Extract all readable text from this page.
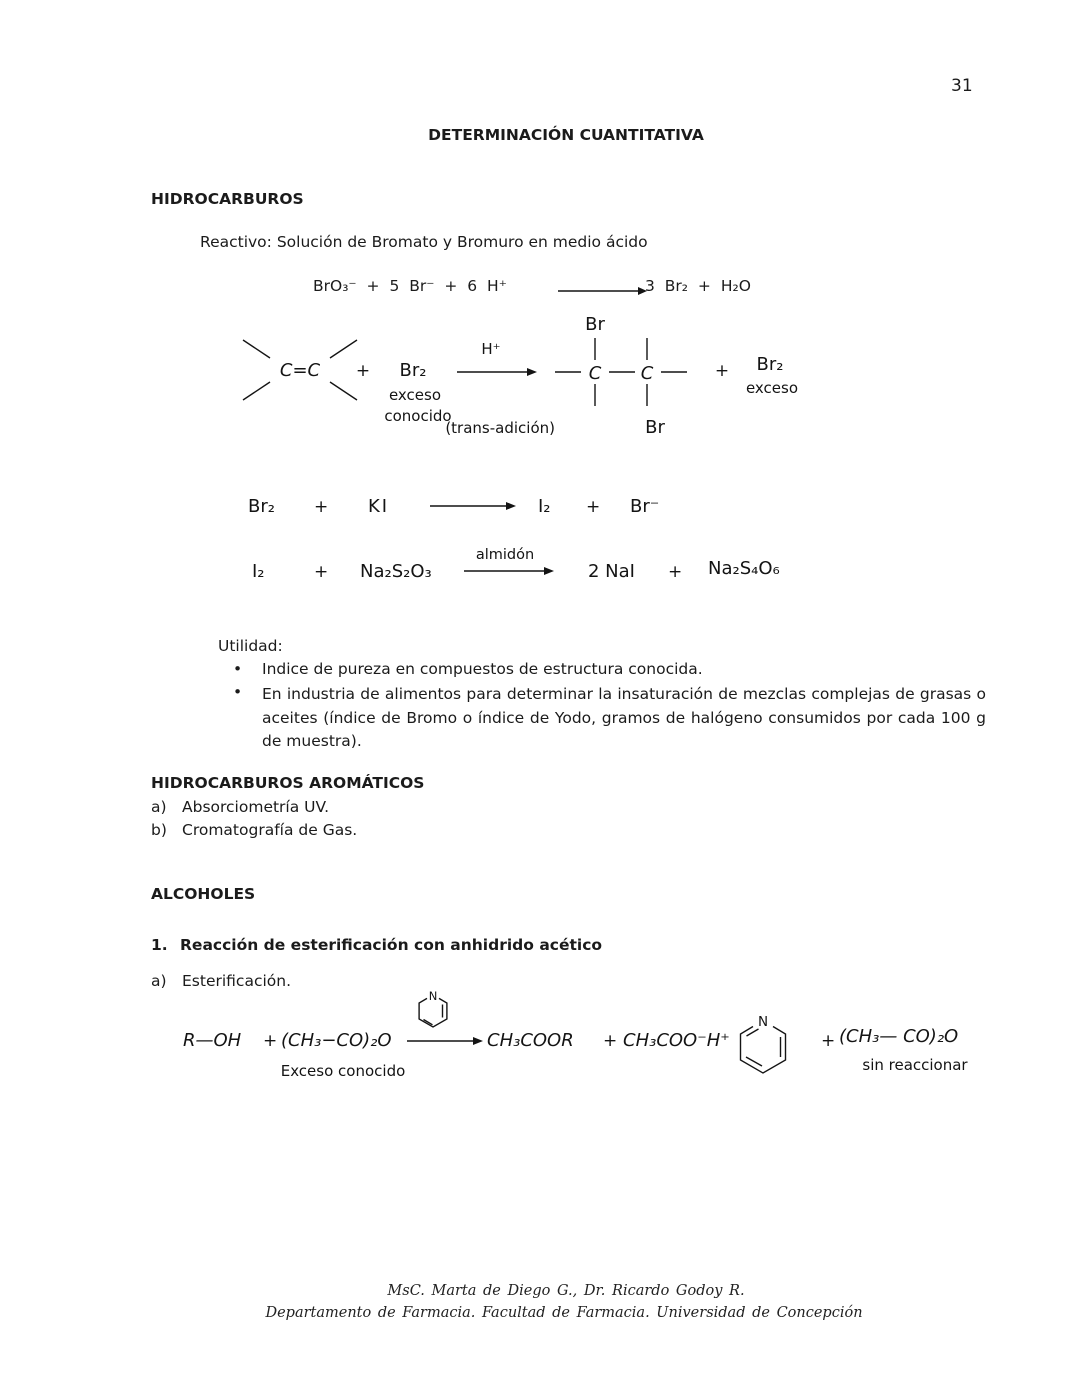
31
DETERMINACIÓN CUANTITATIVA
HIDROCARBUROS
Reactivo: Solución de Bromato y Bromuro en medio ácido
BrO₃⁻ + 5 Br⁻ + 6 H⁺	3 Br₂ + H₂O
C=C + Br₂
exceso
conocido
H⁺
Br
C C
Br
(trans-adición)
+ Br₂
exceso
Br₂ + KI	I₂ + Br⁻
I₂	+ Na₂S₂O₃
almidón
2 NaI + Na₂S₄O₆
Utilidad:
• Indice de pureza en compuestos de estructura conocida.
• En industria de alimentos para determinar la insaturación de mezclas complejas de grasas o aceites (índice de Bromo o índice de Yodo, gramos de halógeno consumidos por cada 100 g de muestra).
HIDROCARBUROS AROMÁTICOS
a) Absorciometría UV.
b) Cromatografía de Gas.
ALCOHOLES
1. Reacción de esterificación con anhidrido acético
a) Esterificación.
R—OH + (CH₃−CO)₂O
Exceso conocido
N
CH₃COOR + CH₃COO⁻H⁺
N
+ (CH₃— CO)₂O
sin reaccionar
MsC. Marta de Diego G., Dr. Ricardo Godoy R.
Departamento de Farmacia. Facultad de Farmacia. Universidad de Concepción
